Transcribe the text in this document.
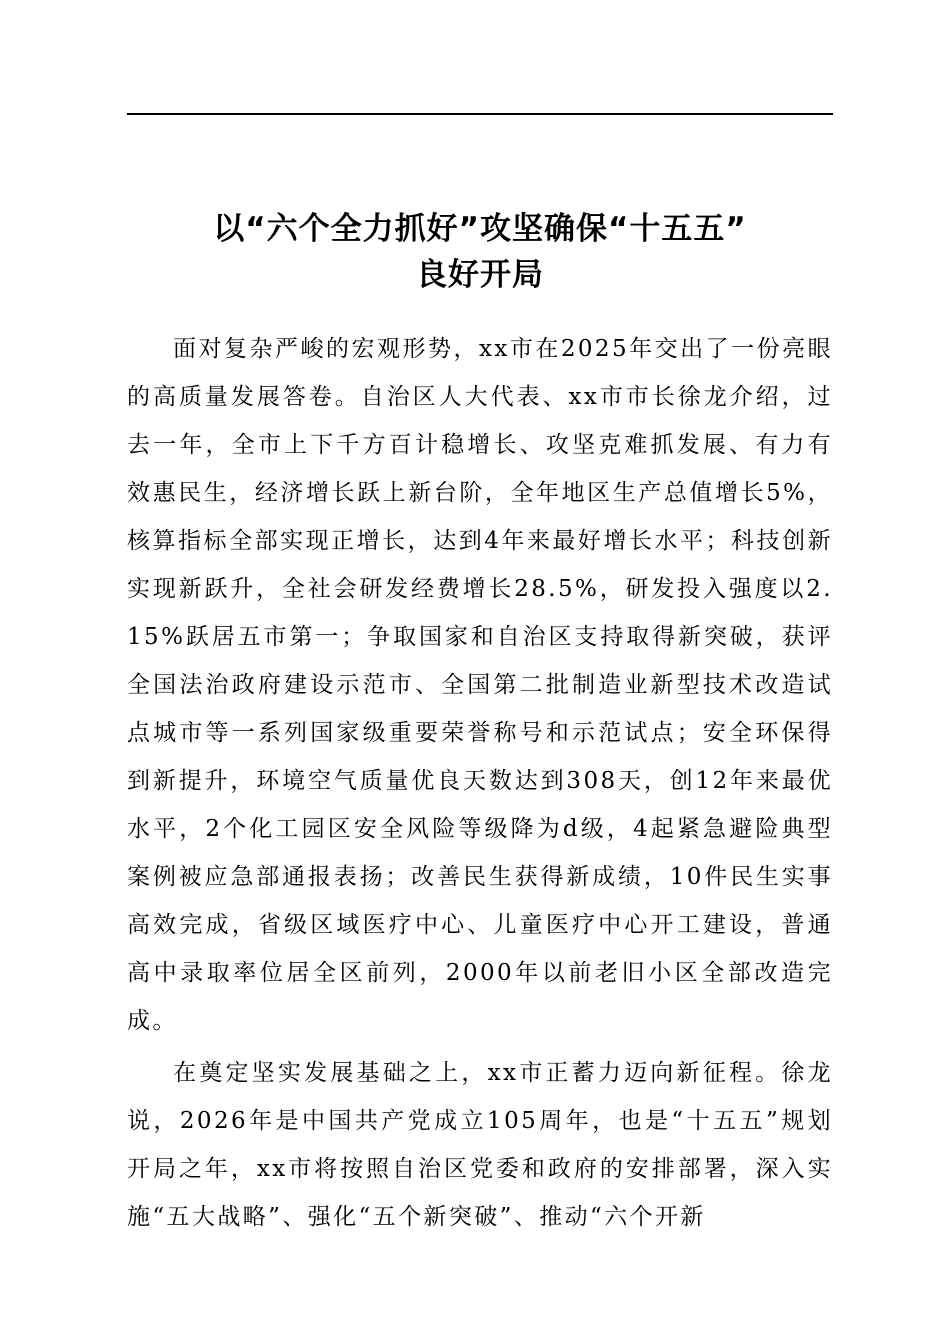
以“六个全力抓好”攻坚确保“十五五”
良好开局

面对复杂严峻的宏观形势，xx市在2025年交出了一份亮眼的高质量发展答卷。自治区人大代表、xx市市长徐龙介绍，过去一年，全市上下千方百计稳增长、攻坚克难抓发展、有力有效惠民生，经济增长跃上新台阶，全年地区生产总值增长5%，核算指标全部实现正增长，达到4年来最好增长水平；科技创新实现新跃升，全社会研发经费增长28.5%，研发投入强度以2.15%跃居五市第一；争取国家和自治区支持取得新突破，获评全国法治政府建设示范市、全国第二批制造业新型技术改造试点城市等一系列国家级重要荣誉称号和示范试点；安全环保得到新提升，环境空气质量优良天数达到308天，创12年来最优水平，2个化工园区安全风险等级降为d级，4起紧急避险典型案例被应急部通报表扬；改善民生获得新成绩，10件民生实事高效完成，省级区域医疗中心、儿童医疗中心开工建设，普通高中录取率位居全区前列，2000年以前老旧小区全部改造完成。

在奠定坚实发展基础之上，xx市正蓄力迈向新征程。徐龙说，2026年是中国共产党成立105周年，也是“十五五”规划开局之年，xx市将按照自治区党委和政府的安排部署，深入实施“五大战略”、强化“五个新突破”、推动“六个开新
